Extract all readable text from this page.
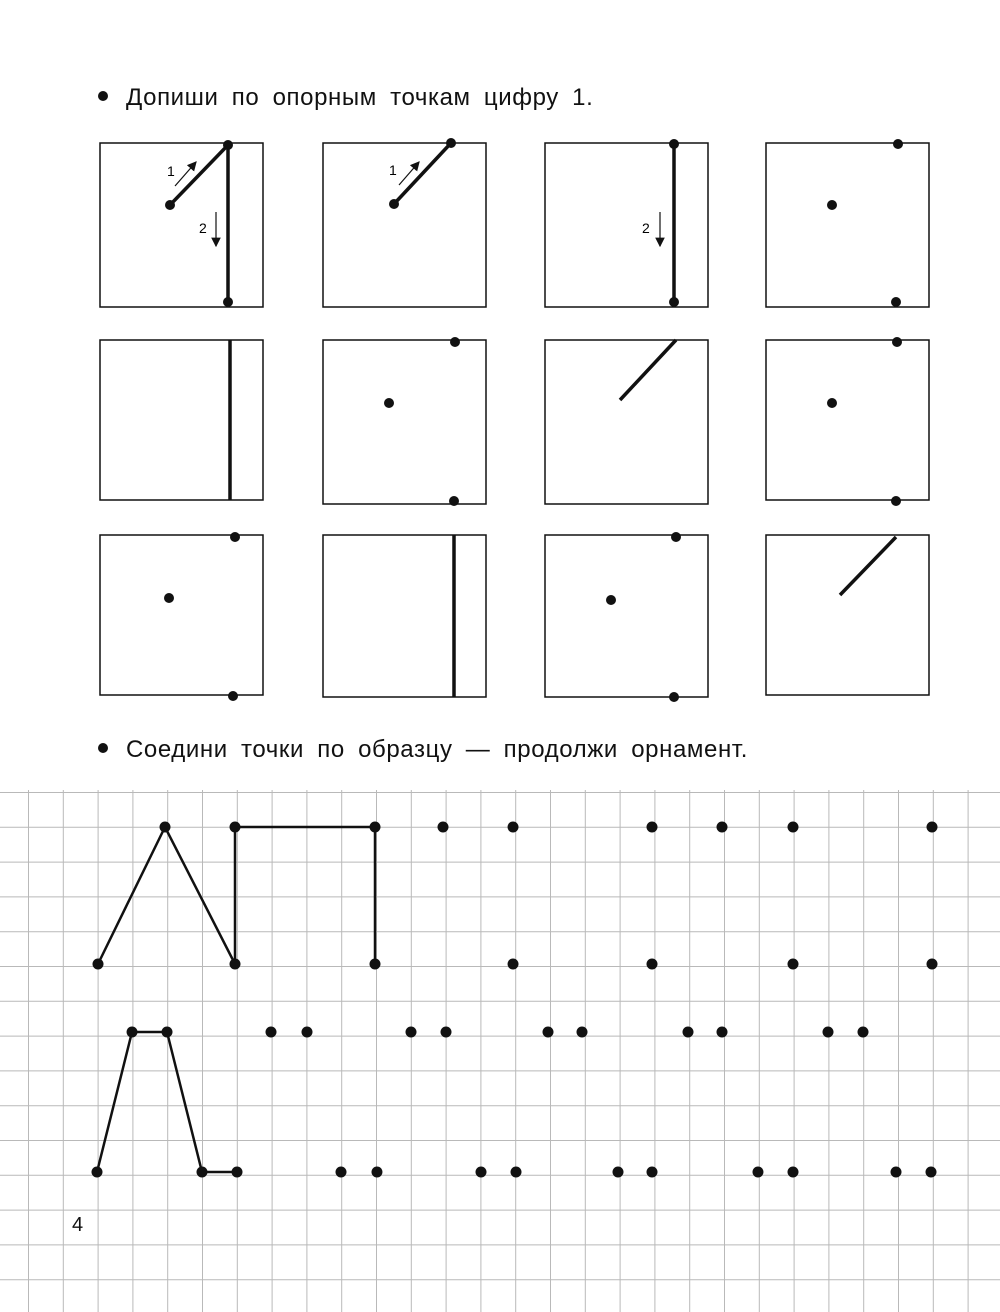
Допиши по опорным точкам цифру 1.
1
2
1
2
Соедини точки по образцу — продолжи орнамент.
4
